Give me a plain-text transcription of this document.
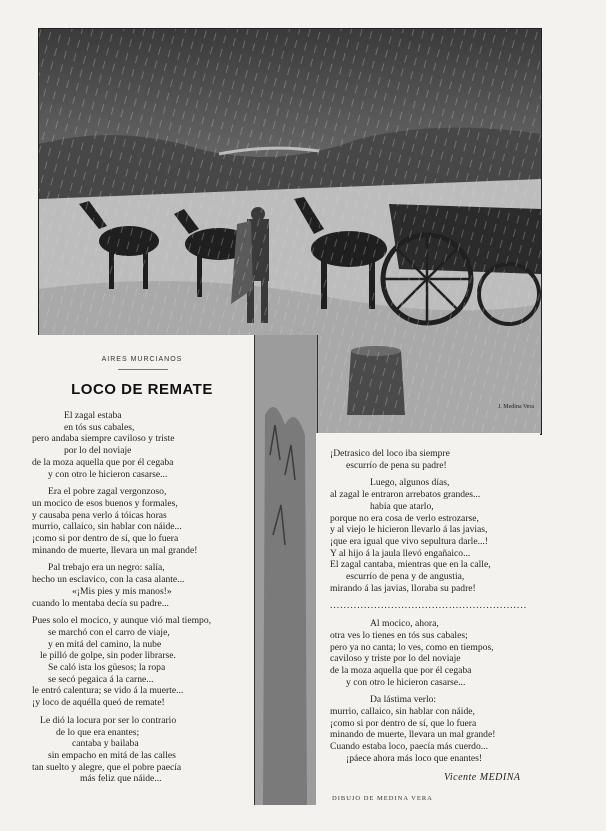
J. Medina Vera
AIRES MURCIANOS
LOCO DE REMATE
El zagal estaba
en tós sus cabales,
pero andaba siempre caviloso y triste
por lo del noviaje
de la moza aquella que por él cegaba
y con otro le hicieron casarse...
Era el pobre zagal vergonzoso,
un mocico de esos buenos y formales,
y causaba pena verlo á tóicas horas
murrio, callaico, sin hablar con náide...
¡como si por dentro de sí, que lo fuera
minando de muerte, llevara un mal grande!
Pal trebajo era un negro: salía,
hecho un esclavico, con la casa alante...
«¡Mis pies y mis manos!»
cuando lo mentaba decía su padre...
Pues solo el mocico, y aunque vió mal tiempo,
se marchó con el carro de viaje,
y en mitá del camino, la nube
le pilló de golpe, sin poder librarse.
Se caló ista los güesos; la ropa
se secó pegaica á la carne...
le entró calentura; se vido á la muerte...
¡y loco de aquélla queó de remate!
Le dió la locura por ser lo contrario
de lo que era enantes;
cantaba y bailaba
sin empacho en mitá de las calles
tan suelto y alegre, que el pobre paecía
más feliz que náide...
¡Detrasico del loco iba siempre
escurrío de pena su padre!
Luego, algunos días,
al zagal le entraron arrebatos grandes...
había que atarlo,
porque no era cosa de verlo estrozarse,
y al viejo le hicieron llevarlo á las javias,
¡que era igual que vivo sepultura darle...!
Y al hijo á la jaula llevó engañaico...
El zagal cantaba, mientras que en la calle,
escurrío de pena y de angustia,
mirando á las javias, lloraba su padre!
..........................................................
Al mocico, ahora,
otra ves lo tienes en tós sus cabales;
pero ya no canta; lo ves, como en tiempos,
caviloso y triste por lo del noviaje
de la moza aquella que por él cegaba
y con otro le hicieron casarse...
Da lástima verlo:
murrio, callaico, sin hablar con náide,
¡como si por dentro de sí, que lo fuera
minando de muerte, llevara un mal grande!
Cuando estaba loco, paecía más cuerdo...
¡páece ahora más loco que enantes!
Vicente MEDINA
DIBUJO DE MEDINA VERA
